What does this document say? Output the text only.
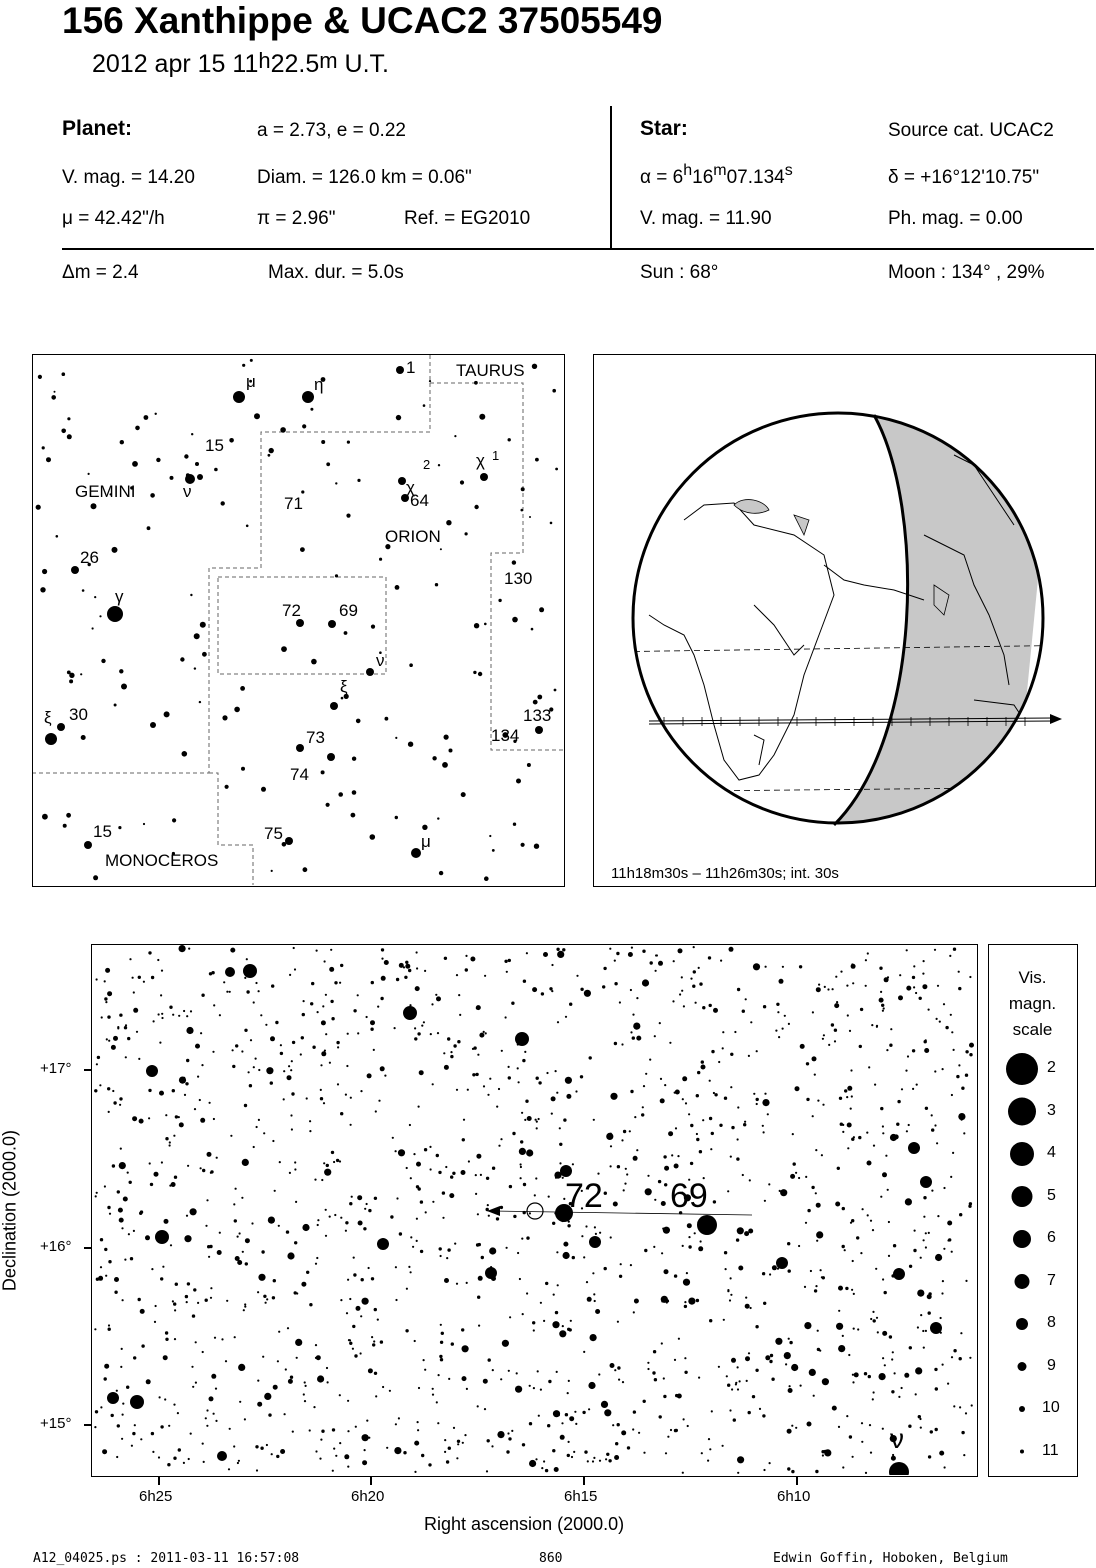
156 Xanthippe & UCAC2 37505549
2012 apr 15 11$^h$22.5$^m$ U.T.
Planet:	a = 2.73, e = 0.22
V. mag. = 14.20	Diam. = 126.0 km = 0.06"
μ = 42.42"/h	π = 2.96"	Ref. = EG2010
Star:	Source cat. UCAC2
$\alpha = 6^h16^m07.134^s$	δ = +16°12'10.75"
V. mag. = 11.90	Ph. mag. = 0.00
Δm = 2.4	Max. dur. = 5.0s	Sun : 68°	Moon : 134° , 29%
TAURUS
GEMINI
ORION
MONOCEROS
1
μ	η
15
ν
71
χ
2
64
χ 1
26
γ
72 69
130
ν
ξ
30
ξ	133
73	134
74
15	75	μ
11h18m30s – 11h26m30s; int. 30s
72 69
ν
+17°
+16°
+15°
6h25	6h20	6h15	6h10
Right ascension (2000.0)
Declination (2000.0)
Vis.
magn.
scale
2
3
4
5
6
7
8
9
10
11
A12_04025.ps : 2011-03-11 16:57:08	860	Edwin Goffin, Hoboken, Belgium
